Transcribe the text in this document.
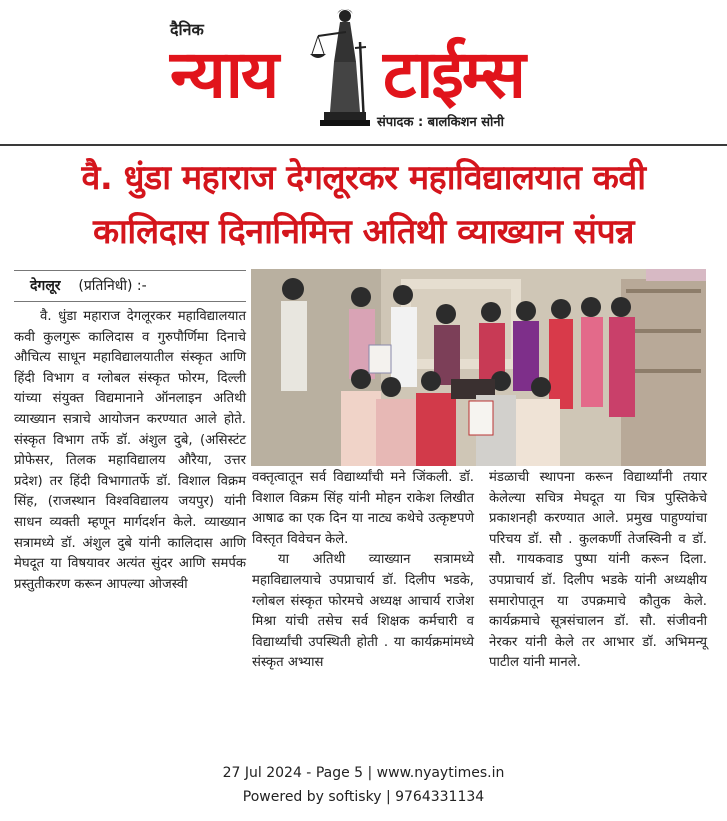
दैनिक
न्याय टाईम्स
संपादक : बालकिशन सोनी
वै. धुंडा महाराज देगलूरकर महाविद्यालयात कवी
कालिदास दिनानिमित्त अतिथी व्याख्यान संपन्न
देगलूर (प्रतिनिधी) :-

वै. धुंडा महाराज देगलूरकर महाविद्यालयात कवी कुलगुरू कालिदास व गुरुपौर्णिमा दिनाचे औचित्य साधून महाविद्यालयातील संस्कृत आणि हिंदी विभाग व ग्लोबल संस्कृत फोरम, दिल्ली यांच्या संयुक्त विद्यमानाने ऑनलाइन अतिथी व्याख्यान सत्राचे आयोजन करण्यात आले होते. संस्कृत विभाग तर्फे डॉ. अंशुल दुबे, (असिस्टंट प्रोफेसर, तिलक महाविद्यालय औरैया, उत्तर प्रदेश) तर हिंदी विभागातर्फे डॉ. विशाल विक्रम सिंह, (राजस्थान विश्वविद्यालय जयपुर) यांनी साधन व्यक्ती म्हणून मार्गदर्शन केले. व्याख्यान सत्रामध्ये डॉ. अंशुल दुबे यांनी कालिदास आणि मेघदूत या विषयावर अत्यंत सुंदर आणि समर्पक प्रस्तुतीकरण करून आपल्या ओजस्वी

वक्तृत्वातून सर्व विद्यार्थ्यांची मने जिंकली. डॉ. विशाल विक्रम सिंह यांनी मोहन राकेश लिखीत आषाढ का एक दिन या नाट्य कथेचे उत्कृष्टपणे विस्तृत विवेचन केले.

या अतिथी व्याख्यान सत्रामध्ये महाविद्यालयाचे उपप्राचार्य डॉ. दिलीप भडके, ग्लोबल संस्कृत फोरमचे अध्यक्ष आचार्य राजेश मिश्रा यांची तसेच सर्व शिक्षक कर्मचारी व विद्यार्थ्यांची उपस्थिती होती . या कार्यक्रमांमध्ये संस्कृत अभ्यास

मंडळाची स्थापना करून विद्यार्थ्यांनी तयार केलेल्या सचित्र मेघदूत या चित्र पुस्तिकेचे प्रकाशनही करण्यात आले. प्रमुख पाहुण्यांचा परिचय डॉ. सौ . कुलकर्णी तेजस्विनी व डॉ. सौ. गायकवाड पुष्पा यांनी करून दिला. उपप्राचार्य डॉ. दिलीप भडके यांनी अध्यक्षीय समारोपातून या उपक्रमाचे कौतुक केले. कार्यक्रमाचे सूत्रसंचालन डॉ. सौ. संजीवनी नेरकर यांनी केले तर आभार डॉ. अभिमन्यू पाटील यांनी मानले.

27 Jul 2024 - Page 5 | www.nyaytimes.in
Powered by softisky | 9764331134
